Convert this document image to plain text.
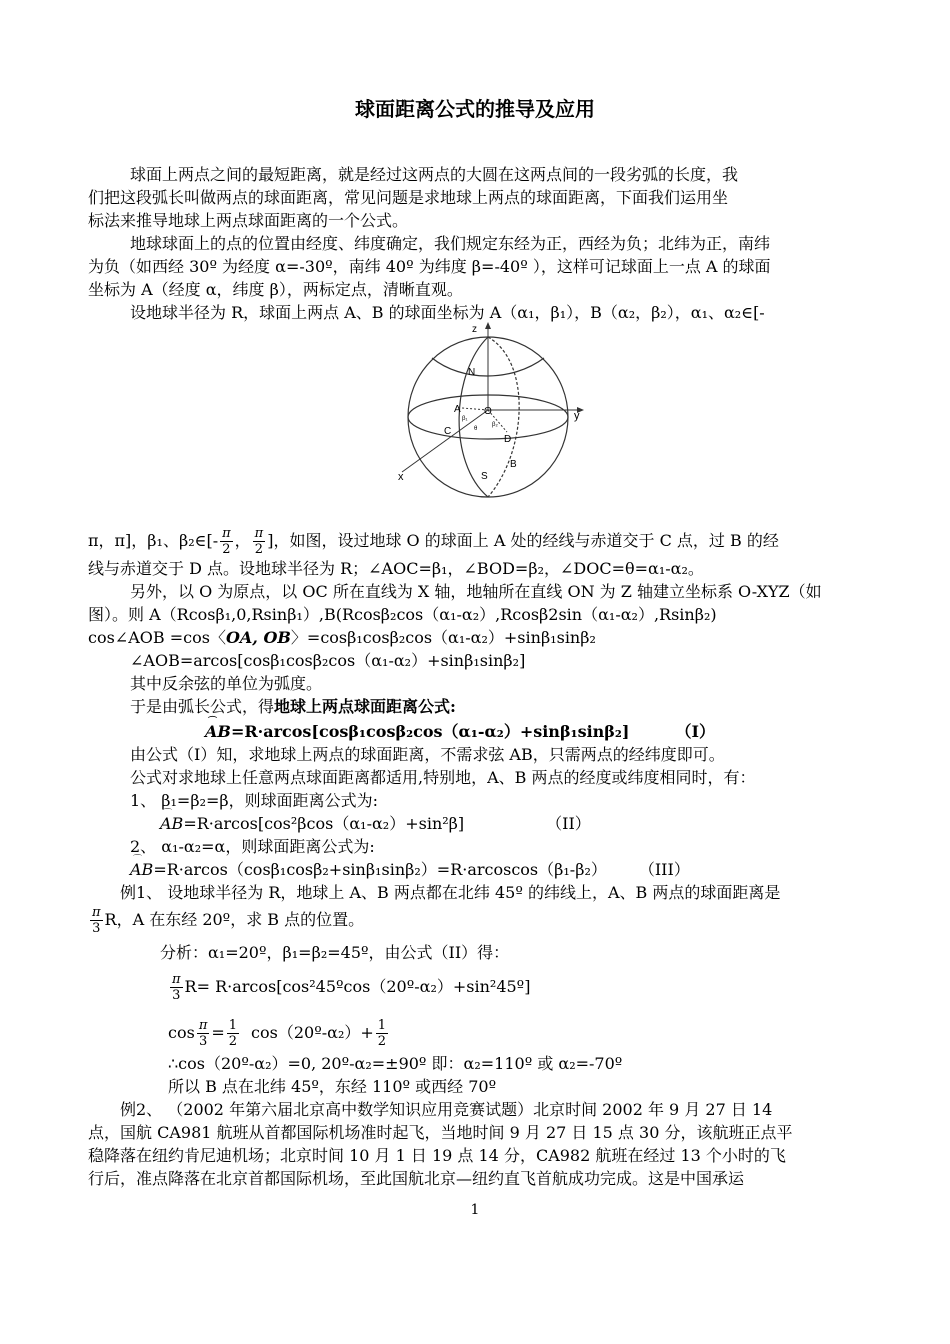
球面距离公式的推导及应用
球面上两点之间的最短距离，就是经过这两点的大圆在这两点间的一段劣弧的长度，我
们把这段弧长叫做两点的球面距离，常见问题是求地球上两点的球面距离，下面我们运用坐
标法来推导地球上两点球面距离的一个公式。
地球球面上的点的位置由经度、纬度确定，我们规定东经为正，西经为负；北纬为正，南纬
为负（如西经 30º 为经度 α=-30º，南纬 40º 为纬度 β=-40º ），这样可记球面上一点 A 的球面
坐标为 A（经度 α，纬度 β），两标定点，清晰直观。
设地球半径为 R，球面上两点 A、B 的球面坐标为 A（α₁，β₁），B（α₂，β₂），α₁、α₂∈[-
z
y
x
N
S
A
B
C
D
O
β₁
β₂
θ
π，π]，β₁、β₂∈[- $\frac{\pi}{2}$ ， $\frac{\pi}{2}$ ]，如图，设过地球 O 的球面上 A 处的经线与赤道交于 C 点，过 B 的经
线与赤道交于 D 点。设地球半径为 R；∠AOC=β₁，∠BOD=β₂，∠DOC=θ=α₁-α₂。
另外，以 O 为原点，以 OC 所在直线为 X 轴，地轴所在直线 ON 为 Z 轴建立坐标系 O-XYZ（如
图）。则 A（Rcosβ₁,0,Rsinβ₁）,B(Rcosβ₂cos（α₁-α₂）,Rcosβ2sin（α₁-α₂）,Rsinβ₂)
cos∠AOB =cos〈OA, OB〉=cosβ₁cosβ₂cos（α₁-α₂）+sinβ₁sinβ₂
∠AOB=arcos[cosβ₁cosβ₂cos（α₁-α₂）+sinβ₁sinβ₂]
其中反余弦的单位为弧度。
于是由弧长公式，得地球上两点球面距离公式:
⌒ AB=R·arcos[cosβ₁cosβ₂cos（α₁-α₂）+sinβ₁sinβ₂]	（I）
由公式（I）知，求地球上两点的球面距离，不需求弦 AB，只需两点的经纬度即可。
公式对求地球上任意两点球面距离都适用,特别地，A、B 两点的经度或纬度相同时，有：
1、 β₁=β₂=β，则球面距离公式为:
⌒ AB=R·arcos[cos²βcos（α₁-α₂）+sin²β]	（II）
2、 α₁-α₂=α，则球面距离公式为:
⌒ AB=R·arcos（cosβ₁cosβ₂+sinβ₁sinβ₂）=R·arcoscos（β₁-β₂）	（III）
例1、 设地球半径为 R，地球上 A、B 两点都在北纬 45º 的纬线上，A、B 两点的球面距离是
$\frac{\pi}{3}$ R，A 在东经 20º，求 B 点的位置。
分析：α₁=20º，β₁=β₂=45º，由公式（II）得：
$\frac{\pi}{3} R=$ R·arcos[cos²45ºcos（20º-α₂）+sin²45º]
$\cos \frac{\pi}{3} = \frac{1}{2}$ cos（20º-α₂）+ $\frac{1}{2}$
∴cos（20º-α₂）=0, 20º-α₂=±90º 即：α₂=110º 或 α₂=-70º
所以 B 点在北纬 45º，东经 110º 或西经 70º
例2、 （2002 年第六届北京高中数学知识应用竞赛试题）北京时间 2002 年 9 月 27 日 14
点，国航 CA981 航班从首都国际机场准时起飞，当地时间 9 月 27 日 15 点 30 分，该航班正点平
稳降落在纽约肯尼迪机场；北京时间 10 月 1 日 19 点 14 分，CA982 航班在经过 13 个小时的飞
行后，准点降落在北京首都国际机场，至此国航北京—纽约直飞首航成功完成。这是中国承运
1
